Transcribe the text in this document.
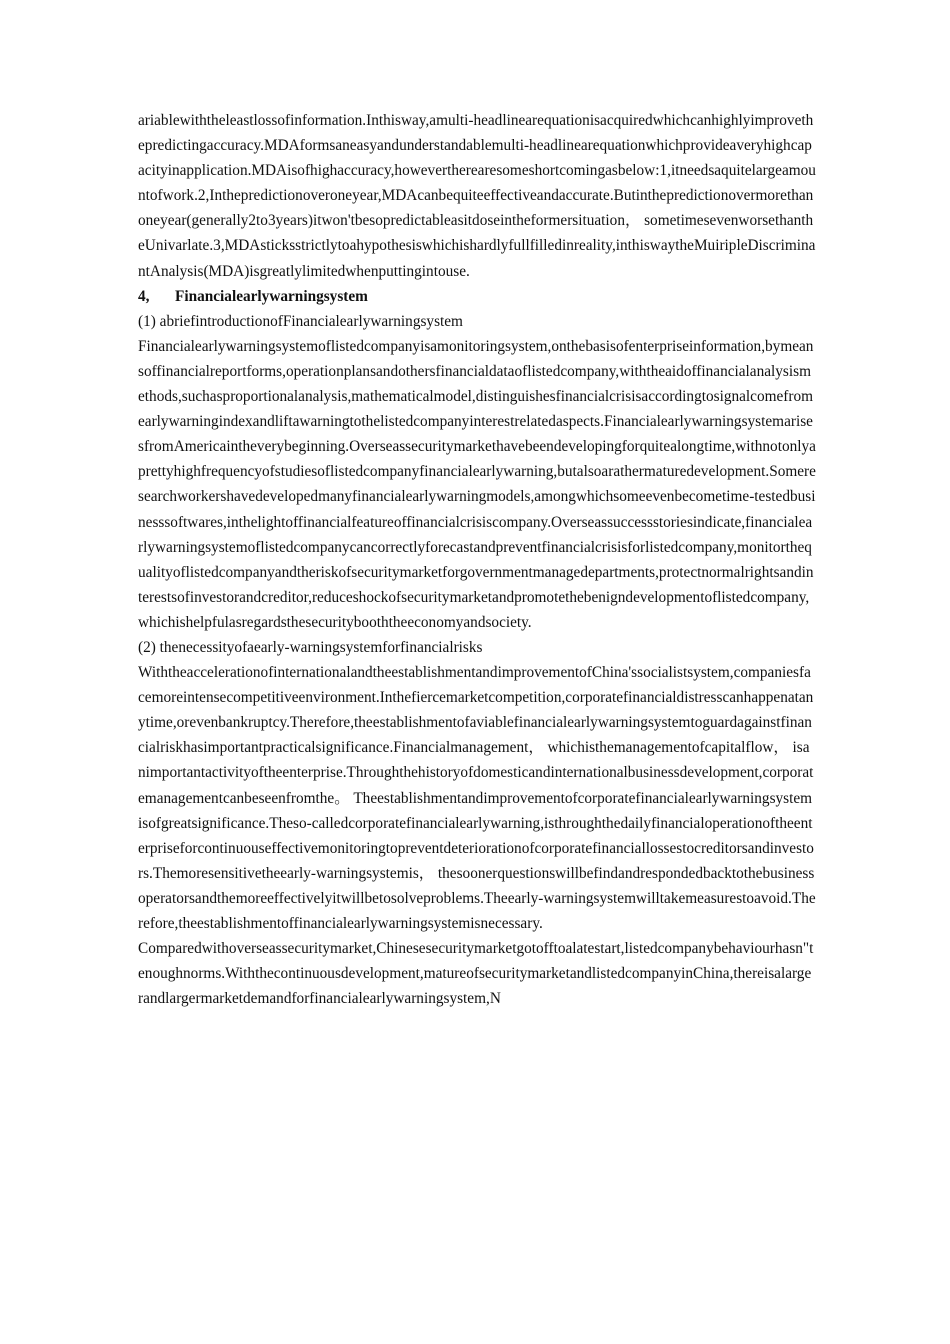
ariablewiththeleastlossofinformation.Inthisway,amulti-headlinearequationisacquiredwhichcanhighlyimprovethepredictingaccuracy.MDAformsaneasyandunderstandablemulti-headlinearequationwhichprovideaveryhighcapacityinapplication.MDAisofhighaccuracy,howevertherearesomeshortcomingasbelow:1,itneedsaquitelargeamountofwork.2,Inthepredictionoveroneyear,MDAcanbequiteeffectiveandaccurate.Butinthepredictionovermorethanoneyear(generally2to3years)itwon'tbesopredictableasitdoseintheformersituation， sometimesevenworsethantheUnivarlate.3,MDAsticksstrictlytoahypothesiswhichishardlyfullfilledinreality,inthiswaytheMuiripleDiscriminantAnalysis(MDA)isgreatlylimitedwhenputtingintouse.

4, Financialearlywarningsystem

(1) abriefintroductionofFinancialearlywarningsystem

Financialearlywarningsystemoflistedcompanyisamonitoringsystem,onthebasisofenterpriseinformation,bymeansoffinancialreportforms,operationplansandothersfinancialdataoflistedcompany,withtheaidoffinancialanalysismethods,suchasproportionalanalysis,mathematicalmodel,distinguishesfinancialcrisisaccordingtosignalcomefromearlywarningindexandliftawarningtothelistedcompanyinterestrelatedaspects.FinancialearlywarningsystemarisesfromAmericaintheverybeginning.Overseassecuritymarkethavebeendevelopingforquitealongtime,withnotonlyaprettyhighfrequencyofstudiesoflistedcompanyfinancialearlywarning,butalsoarathermaturedevelopment.Someresearchworkershavedevelopedmanyfinancialearlywarningmodels,amongwhichsomeevenbecometime-testedbusinesssoftwares,inthelightoffinancialfeatureoffinancialcrisiscompany.Overseassuccessstoriesindicate,financialearlywarningsystemoflistedcompanycancorrectlyforecastandpreventfinancialcrisisforlistedcompany,monitorthequalityoflistedcompanyandtheriskofsecuritymarketforgovernmentmanagedepartments,protectnormalrightsandinterestsofinvestorandcreditor,reduceshockofsecuritymarketandpromotethebenigndevelopmentoflistedcompany,whichishelpfulasregardsthesecuritybooththeeconomyandsociety.

(2) thenecessityofaearly-warningsystemforfinancialrisks

WiththeaccelerationofinternationalandtheestablishmentandimprovementofChina'ssocialistsystem,companiesfacemoreintensecompetitiveenvironment.Inthefiercemarketcompetition,corporatefinancialdistresscanhappenatanytime,orevenbankruptcy.Therefore,theestablishmentofaviablefinancialearlywarningsystemtoguardagainstfinancialriskhasimportantpracticalsignificance.Financialmanagement， whichisthemanagementofcapitalflow， isanimportantactivityoftheenterprise.Throughthehistoryofdomesticandinternationalbusinessdevelopment,corporatemanagementcanbeseenfromthe。 Theestablishmentandimprovementofcorporatefinancialearlywarningsystemisofgreatsignificance.Theso-calledcorporatefinancialearlywarning,isthroughthedailyfinancialoperationoftheenterpriseforcontinuouseffectivemonitoringtopreventdeteriorationofcorporatefinanciallossestocreditorsandinvestors.Themoresensitivetheearly-warningsystemis， thesoonerquestionswillbefindandrespondedbacktothebusinessoperatorsandthemoreeffectivelyitwillbetosolveproblems.Theearly-warningsystemwilltakemeasurestoavoid.Therefore,theestablishmentoffinancialearlywarningsystemisnecessary.

Comparedwithoverseassecuritymarket,Chinesesecuritymarketgotofftoalatestart,listedcompanybehaviourhasn"tenoughnorms.Withthecontinuousdevelopment,matureofsecuritymarketandlistedcompanyinChina,thereisalargerandlargermarketdemandforfinancialearlywarningsystem,N
